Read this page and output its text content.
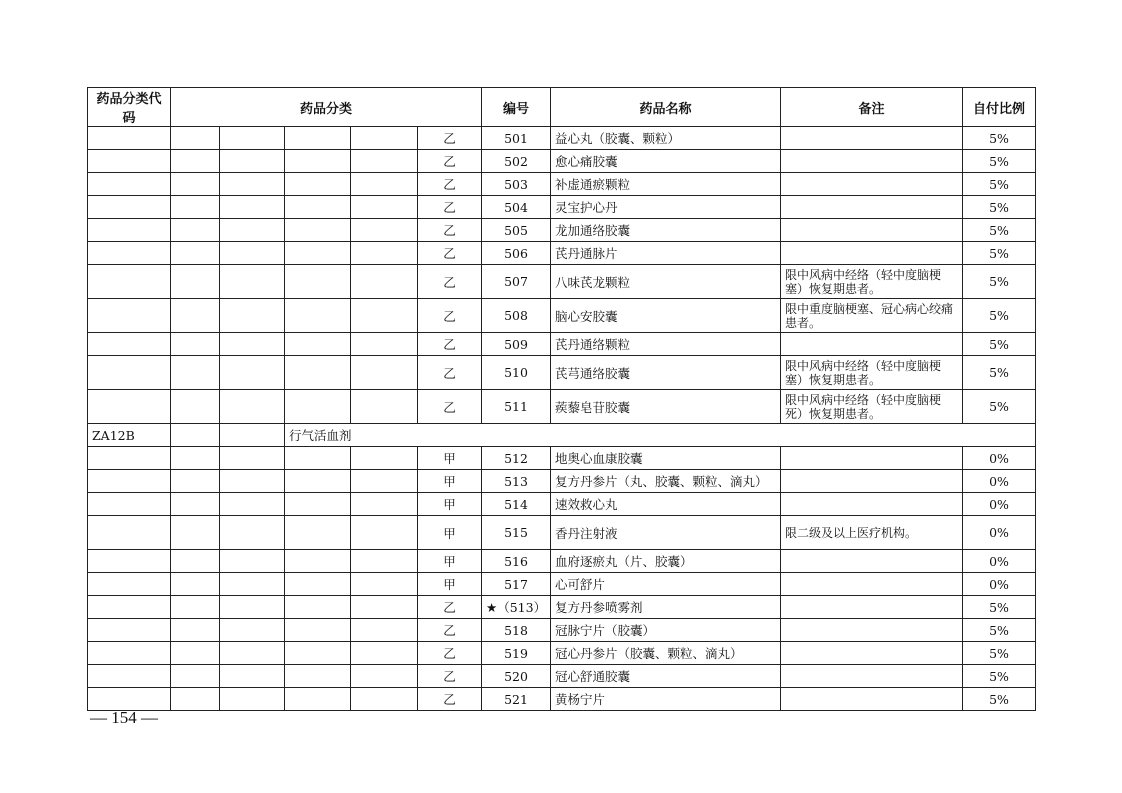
药品分类代码	药品分类					编号	药品名称	备注	自付比例
					乙	501	益心丸（胶囊、颗粒）		5%
					乙	502	愈心痛胶囊		5%
					乙	503	补虚通瘀颗粒		5%
					乙	504	灵宝护心丹		5%
					乙	505	龙加通络胶囊		5%
					乙	506	芪丹通脉片		5%
					乙	507	八味芪龙颗粒	限中风病中经络（轻中度脑梗塞）恢复期患者。	5%
					乙	508	脑心安胶囊	限中重度脑梗塞、冠心病心绞痛患者。	5%
					乙	509	芪丹通络颗粒		5%
					乙	510	芪芎通络胶囊	限中风病中经络（轻中度脑梗塞）恢复期患者。	5%
					乙	511	蒺藜皂苷胶囊	限中风病中经络（轻中度脑梗死）恢复期患者。	5%
ZA12B			行气活血剂						
					甲	512	地奥心血康胶囊		0%
					甲	513	复方丹参片（丸、胶囊、颗粒、滴丸）		0%
					甲	514	速效救心丸		0%
					甲	515	香丹注射液	限二级及以上医疗机构。	0%
					甲	516	血府逐瘀丸（片、胶囊）		0%
					甲	517	心可舒片		0%
					乙	★（513）	复方丹参喷雾剂		5%
					乙	518	冠脉宁片（胶囊）		5%
					乙	519	冠心丹参片（胶囊、颗粒、滴丸）		5%
					乙	520	冠心舒通胶囊		5%
					乙	521	黄杨宁片		5%
— 154 —
